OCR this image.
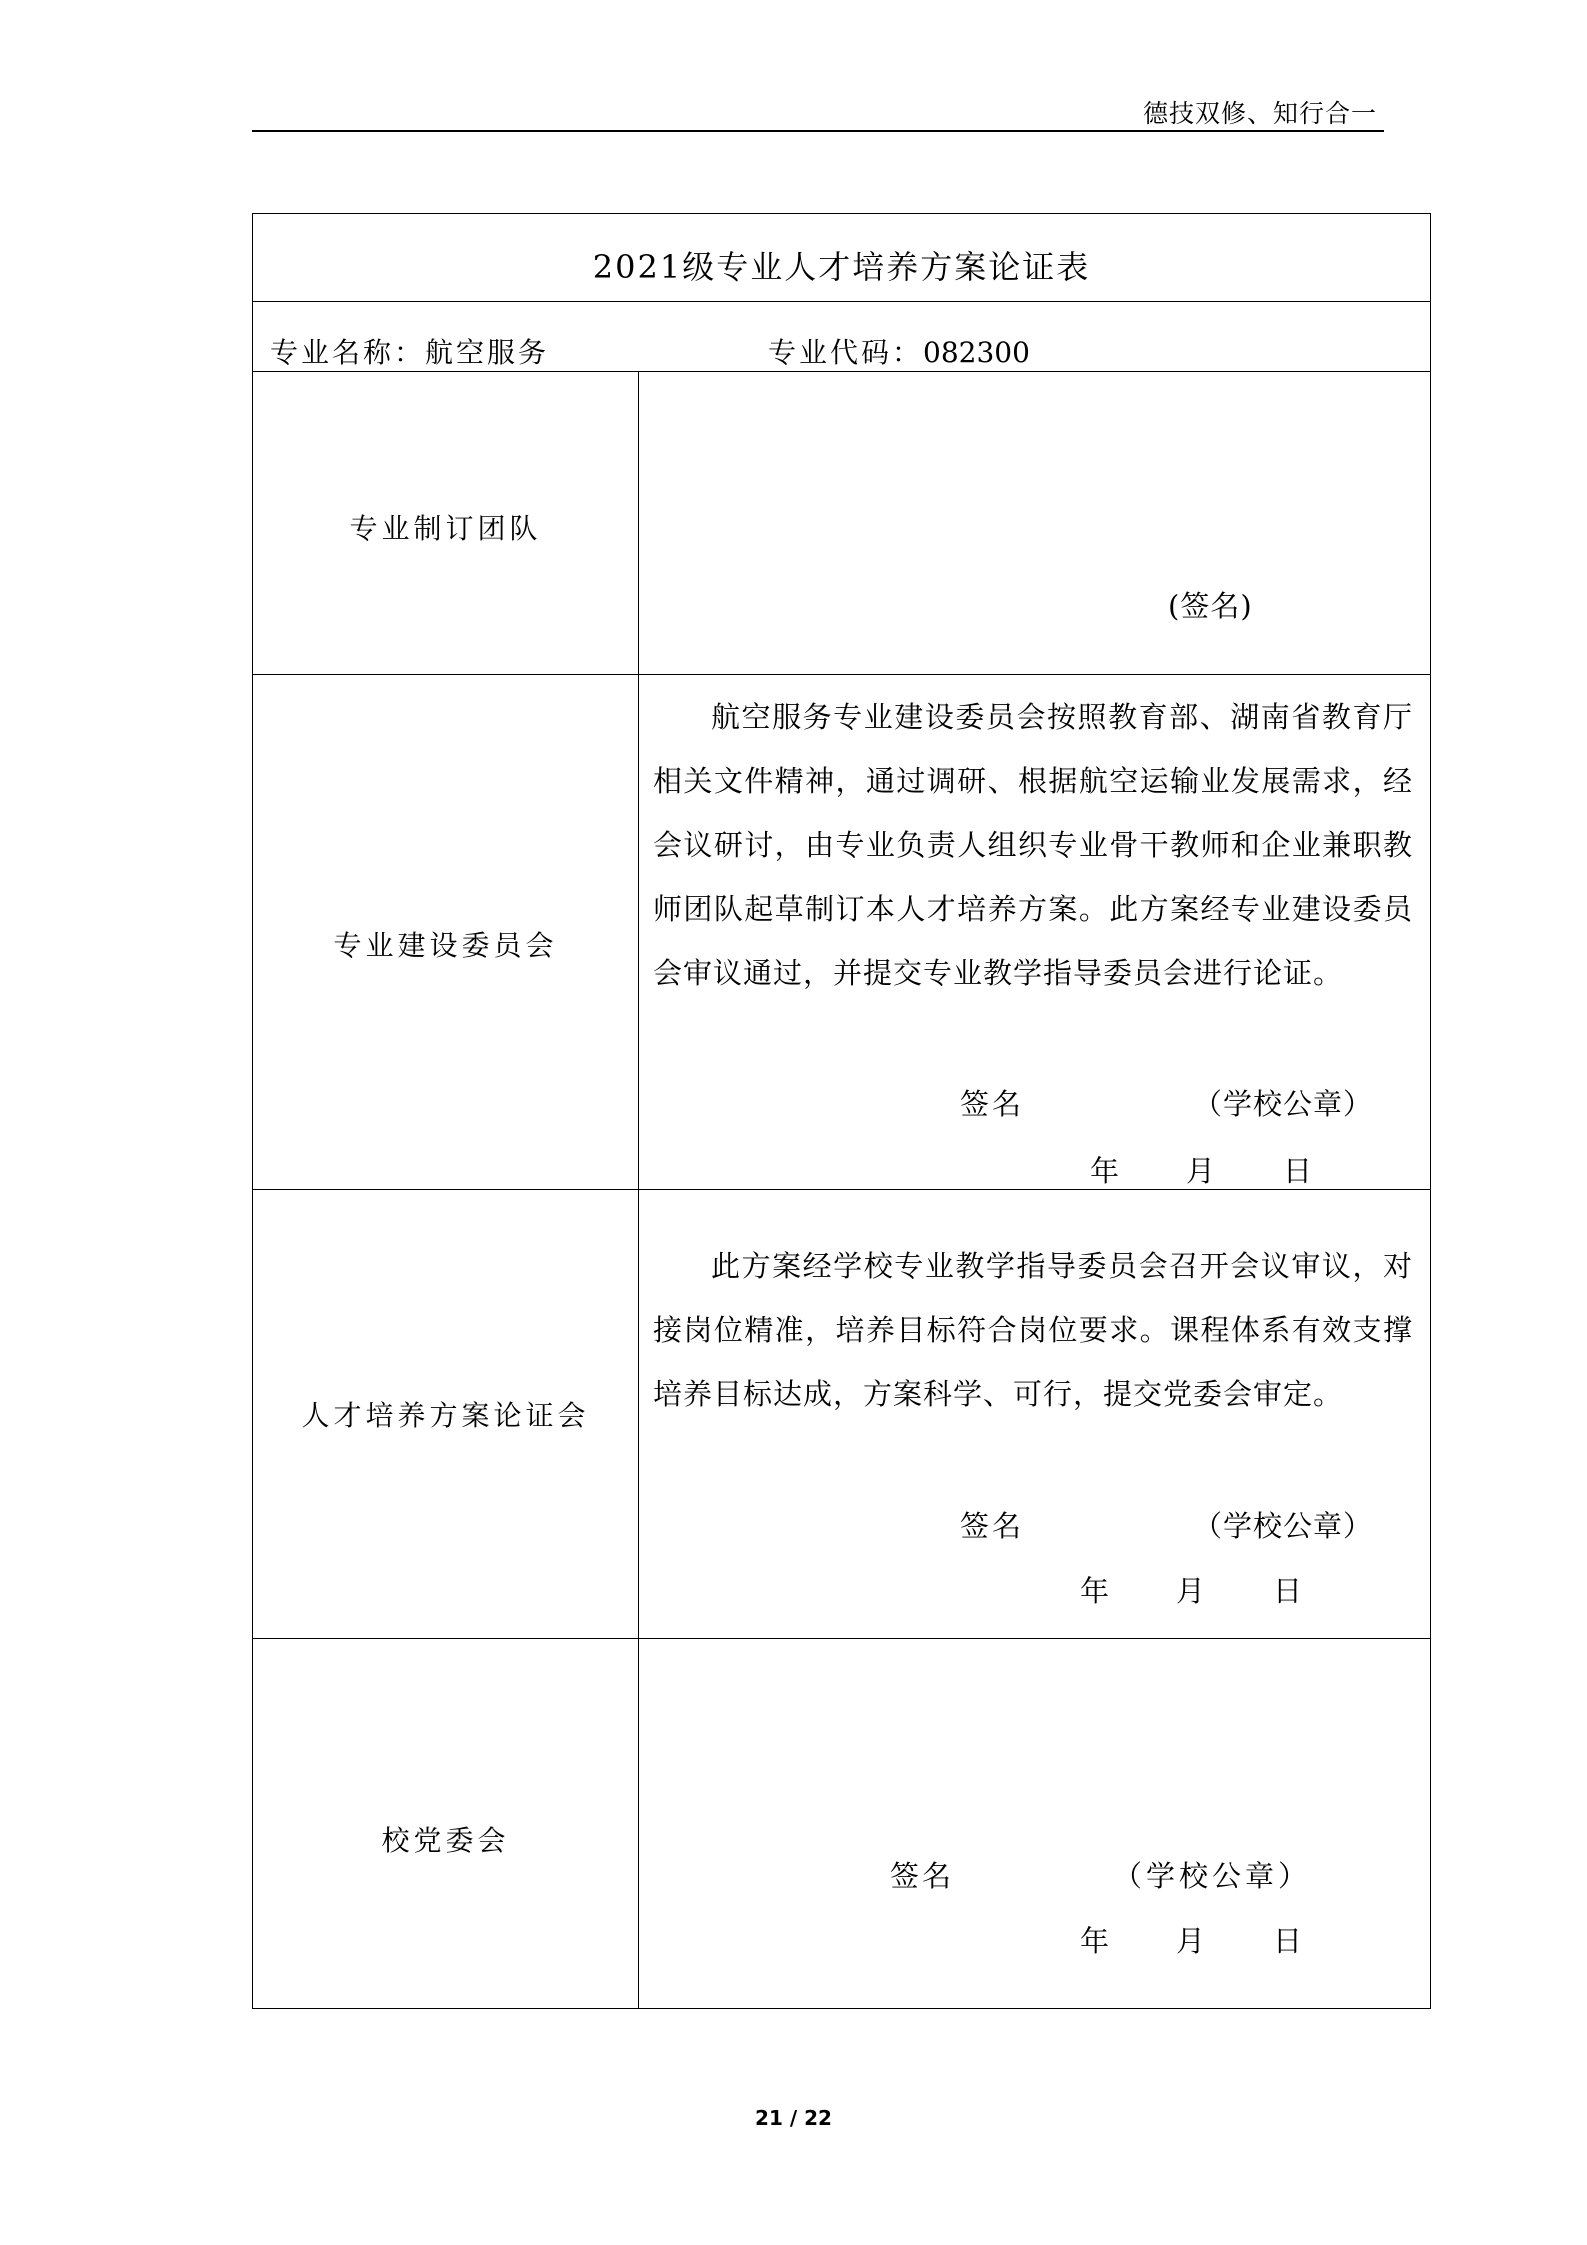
德技双修、知行合一
2021级专业人才培养方案论证表
专业名称：航空服务	专业代码：082300
专业制订团队
(签名)
专业建设委员会
航空服务专业建设委员会按照教育部、湖南省教育厅相关文件精神，通过调研、根据航空运输业发展需求，经会议研讨，由专业负责人组织专业骨干教师和企业兼职教师团队起草制订本人才培养方案。此方案经专业建设委员会审议通过，并提交专业教学指导委员会进行论证。
签名	（学校公章）
年 月 日
人才培养方案论证会
此方案经学校专业教学指导委员会召开会议审议，对接岗位精准，培养目标符合岗位要求。课程体系有效支撑培养目标达成，方案科学、可行，提交党委会审定。
签名	（学校公章）
年 月 日
校党委会
签名	（学校公章）
年 月 日
21 / 22
